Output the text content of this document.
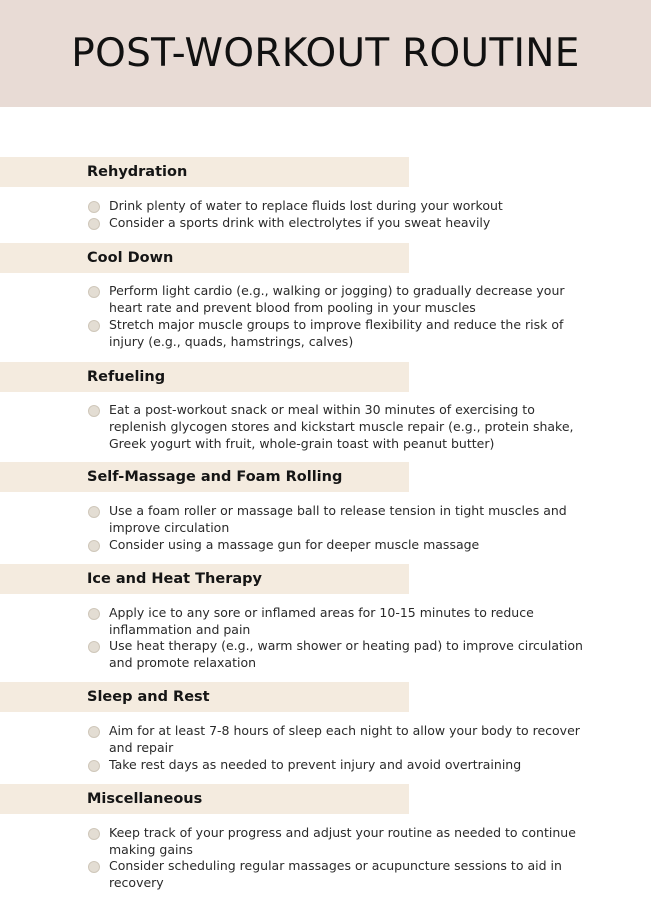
POST-WORKOUT ROUTINE
Rehydration
Drink plenty of water to replace fluids lost during your workout
Consider a sports drink with electrolytes if you sweat heavily
Cool Down
Perform light cardio (e.g., walking or jogging) to gradually decrease your heart rate and prevent blood from pooling in your muscles
Stretch major muscle groups to improve flexibility and reduce the risk of injury (e.g., quads, hamstrings, calves)
Refueling
Eat a post-workout snack or meal within 30 minutes of exercising to replenish glycogen stores and kickstart muscle repair (e.g., protein shake, Greek yogurt with fruit, whole-grain toast with peanut butter)
Self-Massage and Foam Rolling
Use a foam roller or massage ball to release tension in tight muscles and improve circulation
Consider using a massage gun for deeper muscle massage
Ice and Heat Therapy
Apply ice to any sore or inflamed areas for 10-15 minutes to reduce inflammation and pain
Use heat therapy (e.g., warm shower or heating pad) to improve circulation and promote relaxation
Sleep and Rest
Aim for at least 7-8 hours of sleep each night to allow your body to recover and repair
Take rest days as needed to prevent injury and avoid overtraining
Miscellaneous
Keep track of your progress and adjust your routine as needed to continue making gains
Consider scheduling regular massages or acupuncture sessions to aid in recovery
